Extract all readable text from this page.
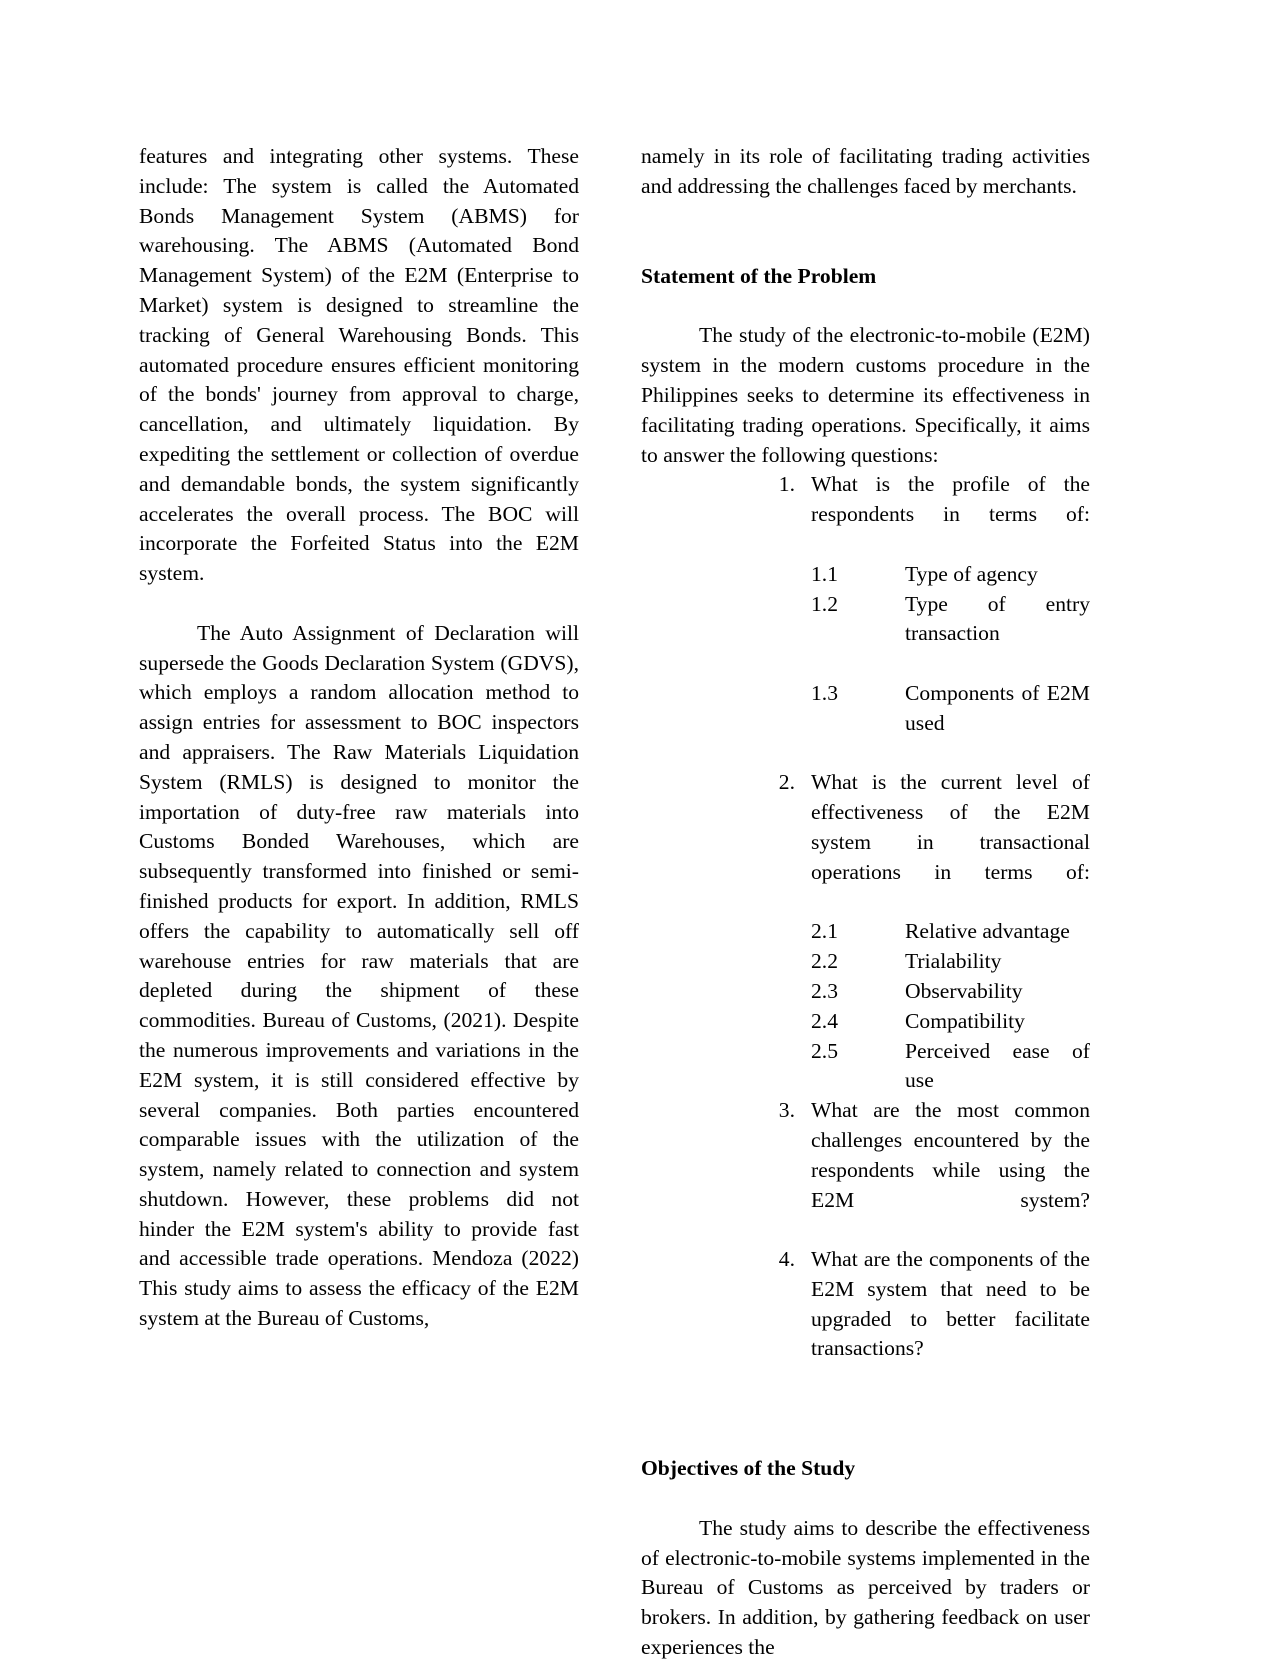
features and integrating other systems. These include: The system is called the Automated Bonds Management System (ABMS) for warehousing. The ABMS (Automated Bond Management System) of the E2M (Enterprise to Market) system is designed to streamline the tracking of General Warehousing Bonds. This automated procedure ensures efficient monitoring of the bonds' journey from approval to charge, cancellation, and ultimately liquidation. By expediting the settlement or collection of overdue and demandable bonds, the system significantly accelerates the overall process. The BOC will incorporate the Forfeited Status into the E2M system.

The Auto Assignment of Declaration will supersede the Goods Declaration System (GDVS), which employs a random allocation method to assign entries for assessment to BOC inspectors and appraisers. The Raw Materials Liquidation System (RMLS) is designed to monitor the importation of duty-free raw materials into Customs Bonded Warehouses, which are subsequently transformed into finished or semi-finished products for export. In addition, RMLS offers the capability to automatically sell off warehouse entries for raw materials that are depleted during the shipment of these commodities. Bureau of Customs, (2021). Despite the numerous improvements and variations in the E2M system, it is still considered effective by several companies. Both parties encountered comparable issues with the utilization of the system, namely related to connection and system shutdown. However, these problems did not hinder the E2M system's ability to provide fast and accessible trade operations. Mendoza (2022) This study aims to assess the efficacy of the E2M system at the Bureau of Customs,

namely in its role of facilitating trading activities and addressing the challenges faced by merchants.

Statement of the Problem

The study of the electronic-to-mobile (E2M) system in the modern customs procedure in the Philippines seeks to determine its effectiveness in facilitating trading operations. Specifically, it aims to answer the following questions:

1. What is the profile of the respondents in terms of:
1.1	Type of agency
1.2	Type of entry transaction
1.3	Components of E2M used
2. What is the current level of effectiveness of the E2M system in transactional operations in terms of:
2.1	Relative advantage
2.2	Trialability
2.3	Observability
2.4	Compatibility
2.5	Perceived ease of use
3. What are the most common challenges encountered by the respondents while using the E2M system?
4. What are the components of the E2M system that need to be upgraded to better facilitate transactions?
Objectives of the Study

The study aims to describe the effectiveness of electronic-to-mobile systems implemented in the Bureau of Customs as perceived by traders or brokers. In addition, by gathering feedback on user experiences the
